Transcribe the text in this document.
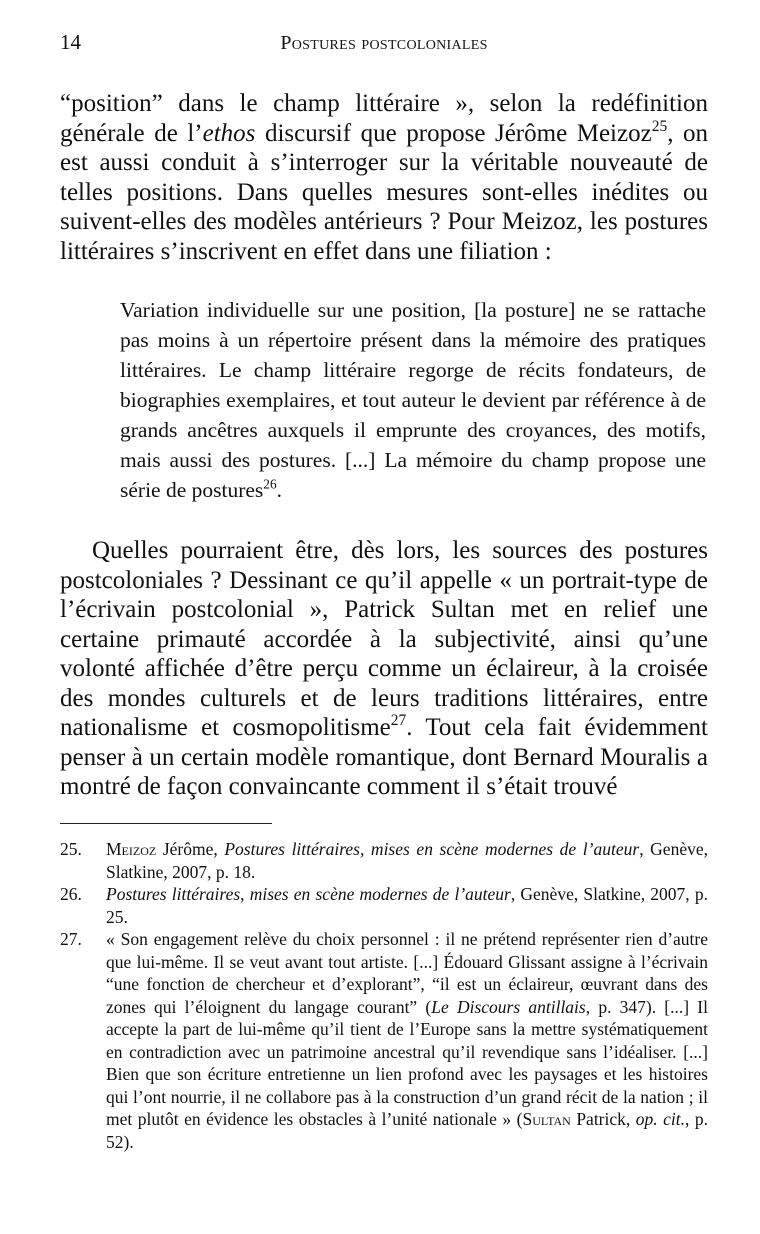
14	Postures postcoloniales

“position” dans le champ littéraire », selon la redéfinition générale de l’ethos discursif que propose Jérôme Meizoz$^{25}$, on est aussi conduit à s’interroger sur la véritable nouveauté de telles positions. Dans quelles mesures sont-elles inédites ou suivent-elles des modèles antérieurs ? Pour Meizoz, les postures littéraires s’inscrivent en effet dans une filiation :

Variation individuelle sur une position, [la posture] ne se rattache pas moins à un répertoire présent dans la mémoire des pratiques littéraires. Le champ littéraire regorge de récits fondateurs, de biographies exemplaires, et tout auteur le devient par référence à de grands ancêtres auxquels il emprunte des croyances, des motifs, mais aussi des postures. [...] La mémoire du champ propose une série de postures$^{26}$.

Quelles pourraient être, dès lors, les sources des postures postcoloniales ? Dessinant ce qu’il appelle « un portrait-type de l’écrivain postcolonial », Patrick Sultan met en relief une certaine primauté accordée à la subjectivité, ainsi qu’une volonté affichée d’être perçu comme un éclaireur, à la croisée des mondes culturels et de leurs traditions littéraires, entre nationalisme et cosmopolitisme$^{27}$. Tout cela fait évidemment penser à un certain modèle romantique, dont Bernard Mouralis a montré de façon convaincante comment il s’était trouvé

25. Meizoz Jérôme, Postures littéraires, mises en scène modernes de l’auteur, Genève, Slatkine, 2007, p. 18.

26. Postures littéraires, mises en scène modernes de l’auteur, Genève, Slatkine, 2007, p. 25.

27. « Son engagement relève du choix personnel : il ne prétend représenter rien d’autre que lui-même. Il se veut avant tout artiste. [...] Édouard Glissant assigne à l’écrivain “une fonction de chercheur et d’explorant”, “il est un éclaireur, œuvrant dans des zones qui l’éloignent du langage courant” (Le Discours antillais, p. 347). [...] Il accepte la part de lui-même qu’il tient de l’Europe sans la mettre systématiquement en contradiction avec un patrimoine ancestral qu’il revendique sans l’idéaliser. [...] Bien que son écriture entretienne un lien profond avec les paysages et les histoires qui l’ont nourrie, il ne collabore pas à la construction d’un grand récit de la nation ; il met plutôt en évidence les obstacles à l’unité nationale » (Sultan Patrick, op. cit., p. 52).
